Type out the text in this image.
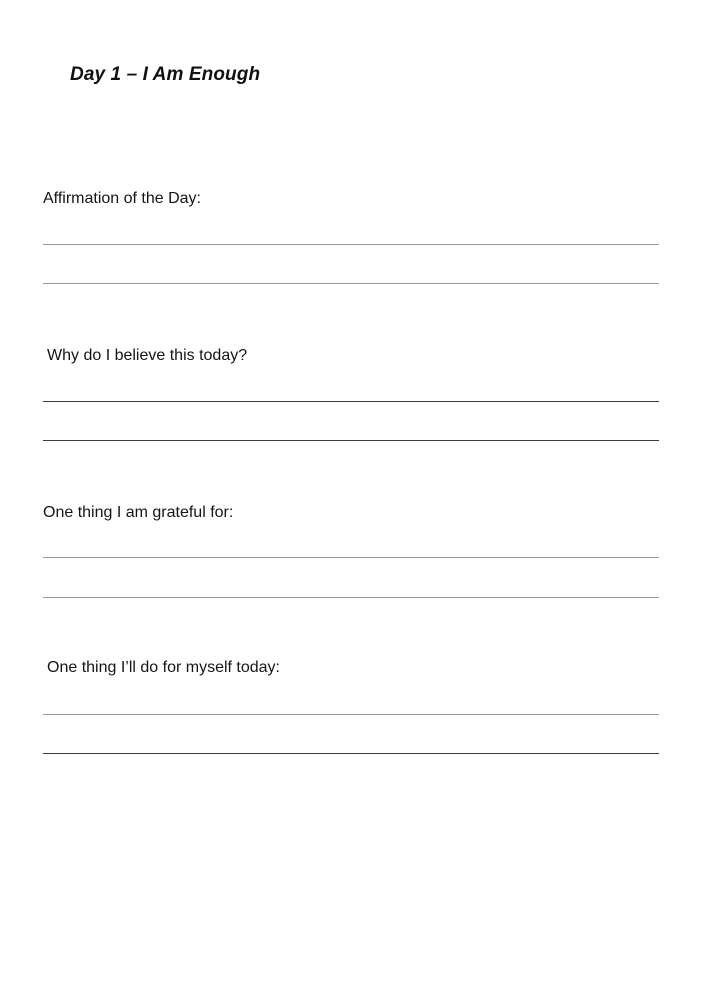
Day 1 – I Am Enough
Affirmation of the Day:
Why do I believe this today?
One thing I am grateful for:
One thing I’ll do for myself today:
